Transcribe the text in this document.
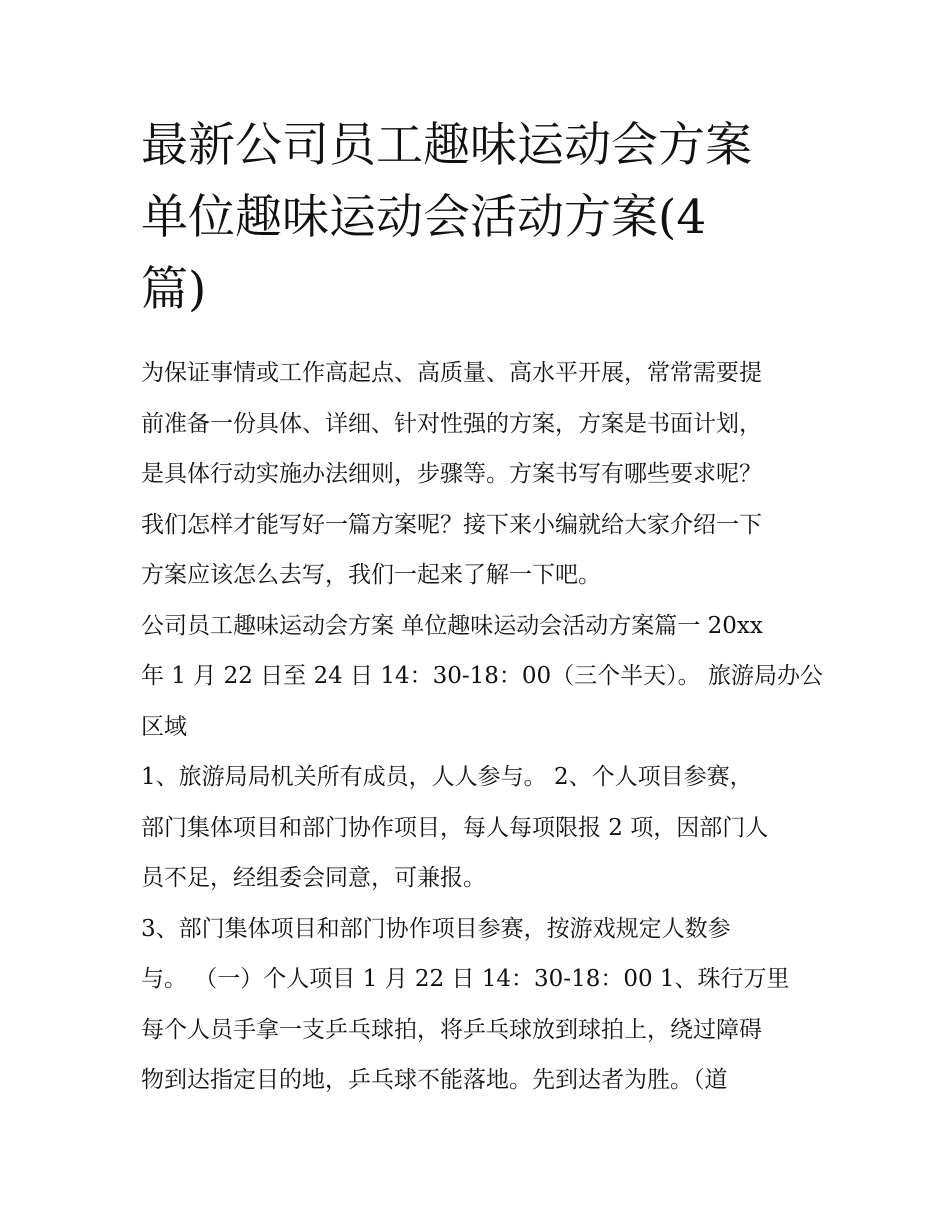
最新公司员工趣味运动会方案
单位趣味运动会活动方案(4
篇)

为保证事情或工作高起点、高质量、高水平开展，常常需要提
前准备一份具体、详细、针对性强的方案，方案是书面计划，
是具体行动实施办法细则，步骤等。方案书写有哪些要求呢？
我们怎样才能写好一篇方案呢？接下来小编就给大家介绍一下
方案应该怎么去写，我们一起来了解一下吧。

公司员工趣味运动会方案 单位趣味运动会活动方案篇一 20xx
年 1 月 22 日至 24 日 14：30-18：00（三个半天）。 旅游局办公
区域

1、旅游局局机关所有成员，人人参与。 2、个人项目参赛，
部门集体项目和部门协作项目，每人每项限报 2 项，因部门人
员不足，经组委会同意，可兼报。

3、部门集体项目和部门协作项目参赛，按游戏规定人数参
与。 （一）个人项目 1 月 22 日 14：30-18：00 1、珠行万里
每个人员手拿一支乒乓球拍，将乒乓球放到球拍上，绕过障碍
物到达指定目的地，乒乓球不能落地。先到达者为胜。（道
